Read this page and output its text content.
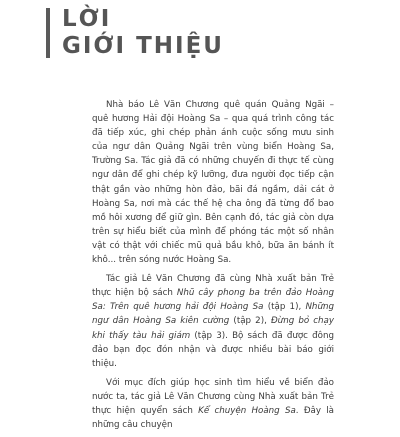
LỜI
GIỚI THIỆU

Nhà báo Lê Văn Chương quê quán Quảng Ngãi – quê hương Hải đội Hoàng Sa – qua quá trình công tác đã tiếp xúc, ghi chép phản ánh cuộc sống mưu sinh của ngư dân Quảng Ngãi trên vùng biển Hoàng Sa, Trường Sa. Tác giả đã có những chuyến đi thực tế cùng ngư dân để ghi chép kỹ lưỡng, đưa người đọc tiếp cận thật gần vào những hòn đảo, bãi đá ngầm, dải cát ở Hoàng Sa, nơi mà các thế hệ cha ông đã từng đổ bao mồ hôi xương để giữ gìn. Bên cạnh đó, tác giả còn dựa trên sự hiểu biết của mình để phóng tác một số nhân vật có thật với chiếc mũ quả bầu khô, bữa ăn bánh ít khô... trên sóng nước Hoàng Sa.

Tác giả Lê Văn Chương đã cùng Nhà xuất bản Trẻ thực hiện bộ sách Nhũ cây phong ba trên đảo Hoàng Sa: Trên quê hương hải đội Hoàng Sa (tập 1), Những ngư dân Hoàng Sa kiên cường (tập 2), Đừng bỏ chạy khi thấy tàu hải giám (tập 3). Bộ sách đã được đông đảo bạn đọc đón nhận và được nhiều bài báo giới thiệu.

Với mục đích giúp học sinh tìm hiểu về biển đảo nước ta, tác giả Lê Văn Chương cùng Nhà xuất bản Trẻ thực hiện quyển sách Kể chuyện Hoàng Sa. Đây là những câu chuyện
